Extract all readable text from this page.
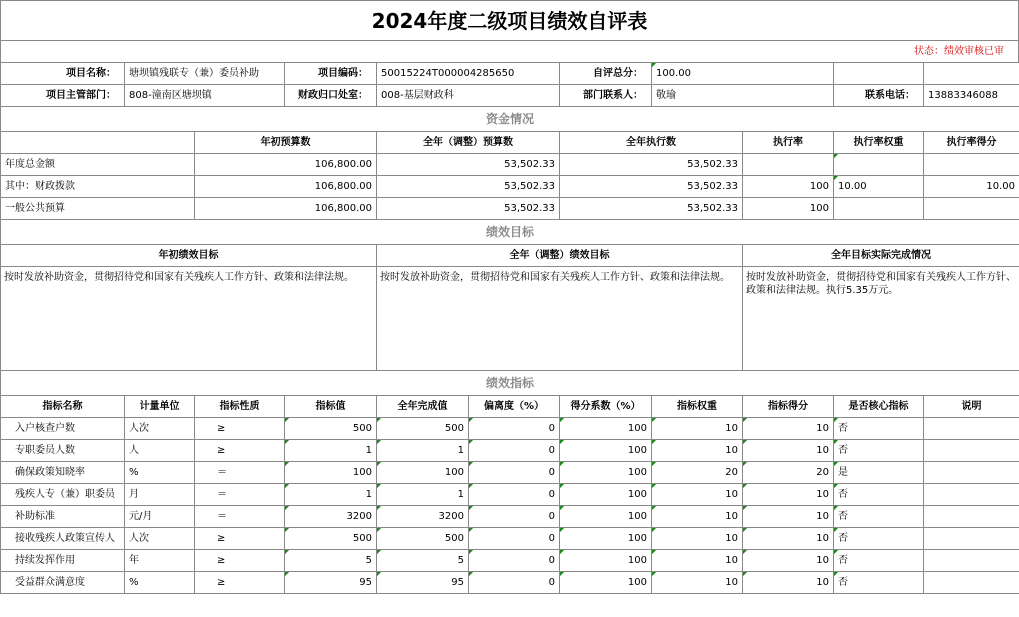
2024年度二级项目绩效自评表
状态：绩效审核已审
项目名称：	塘坝镇残联专（兼）委员补助		项目编码：	50015224T000004285650		自评总分：	100.00			
项目主管部门：	808-潼南区塘坝镇		财政归口处室：	008-基层财政科		部门联系人：	敬瑜		联系电话：	13883346088
资金情况										
		年初预算数		全年（调整）预算数		全年执行数		执行率	执行率权重	执行率得分
年度总金额		106,800.00		53,502.33		53,502.33				
其中：财政拨款		106,800.00		53,502.33		53,502.33		100	10.00	10.00
一般公共预算		106,800.00		53,502.33		53,502.33		100		
绩效目标										
年初绩效目标				全年（调整）绩效目标				全年目标实际完成情况		
按时发放补助资金，贯彻招待党和国家有关残疾人工作方针、政策和法律法规。				按时发放补助资金，贯彻招待党和国家有关残疾人工作方针、政策和法律法规。				按时发放补助资金，贯彻招待党和国家有关残疾人工作方针、政策和法律法规。执行5.35万元。		
绩效指标										
指标名称	计量单位	指标性质	指标值	全年完成值	偏离度（%）	得分系数（%）	指标权重	指标得分	是否核心指标	说明
入户核查户数	人次	≥	500	500	0	100	10	10	否	
专职委员人数	人	≥	1	1	0	100	10	10	否	
确保政策知晓率	%	＝	100	100	0	100	20	20	是	
残疾人专（兼）职委员	月	＝	1	1	0	100	10	10	否	
补助标准	元/月	＝	3200	3200	0	100	10	10	否	
接收残疾人政策宣传人	人次	≥	500	500	0	100	10	10	否	
持续发挥作用	年	≥	5	5	0	100	10	10	否	
受益群众满意度	%	≥	95	95	0	100	10	10	否	
